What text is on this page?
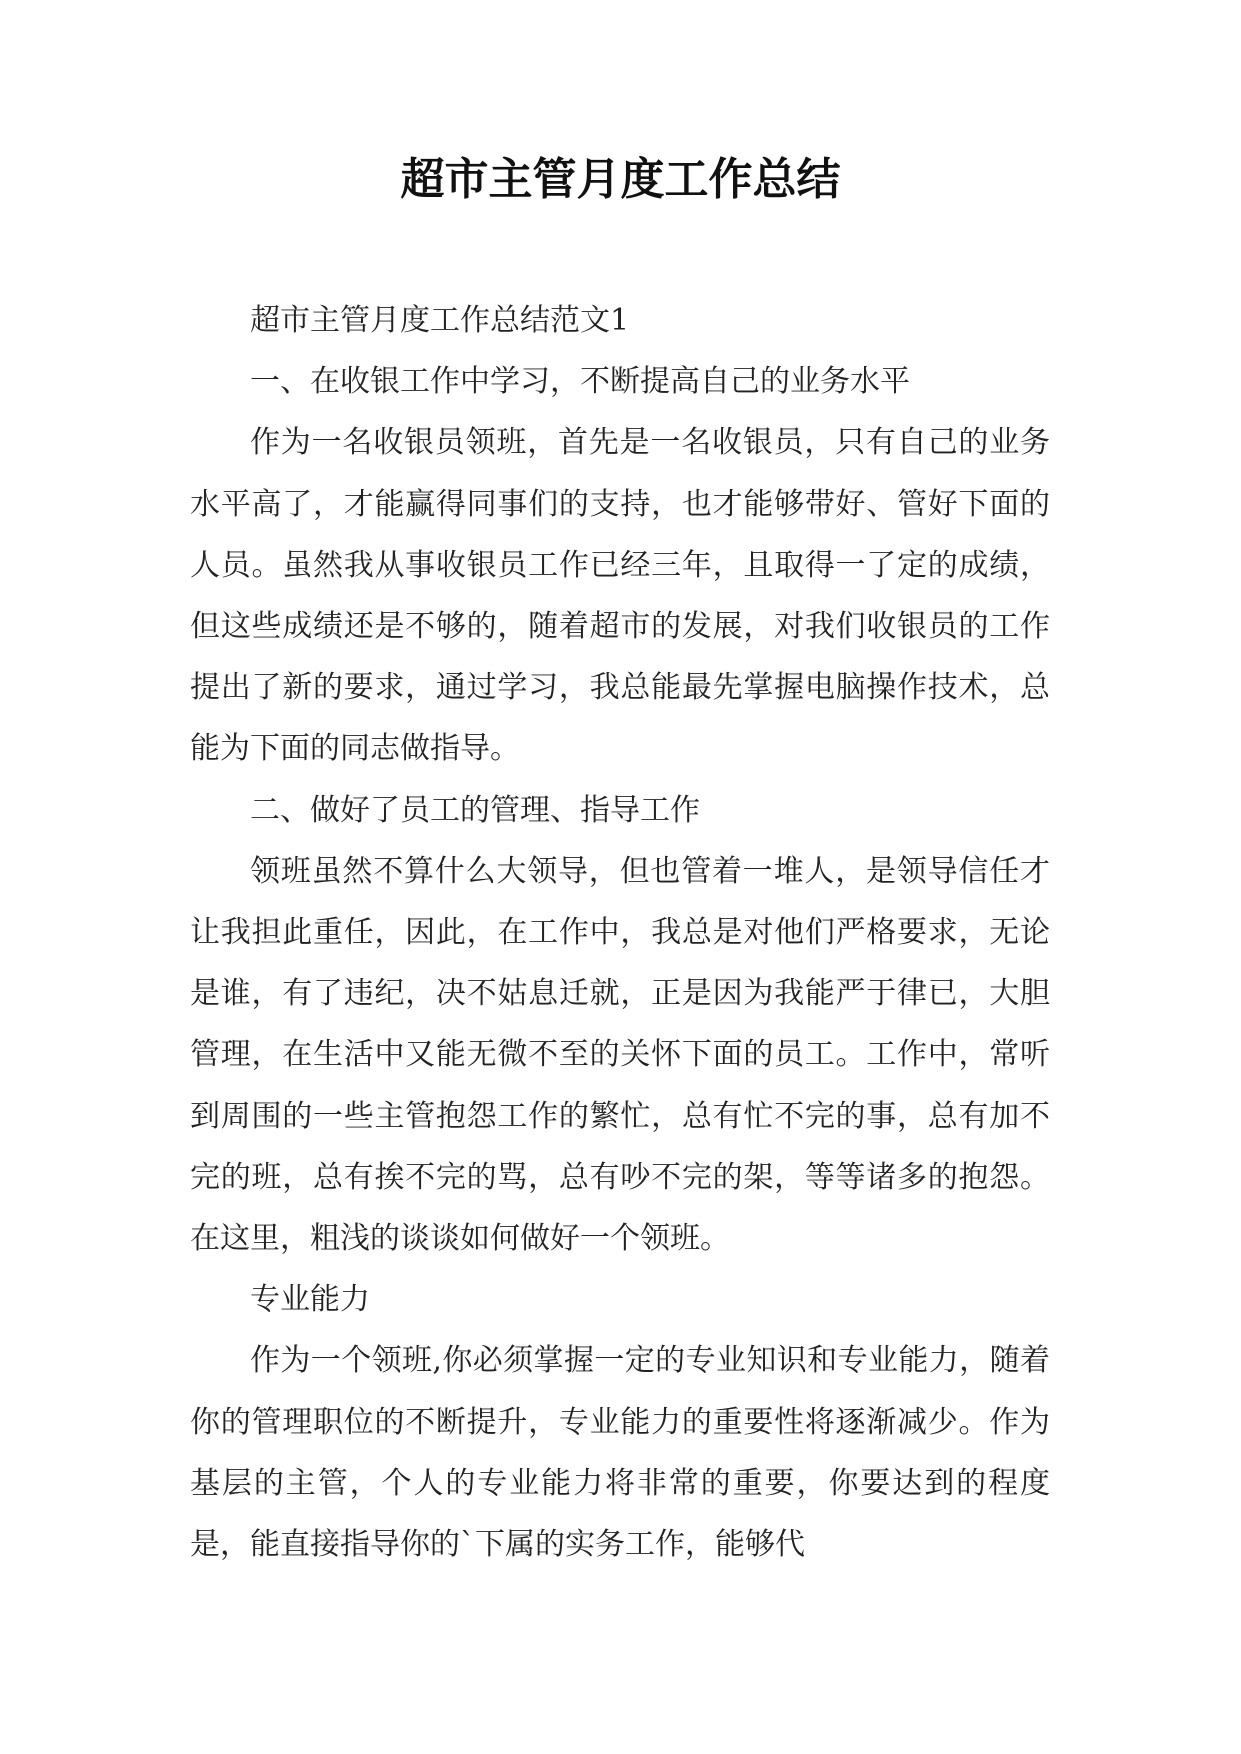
超市主管月度工作总结

超市主管月度工作总结范文1

一、在收银工作中学习，不断提高自己的业务水平

作为一名收银员领班，首先是一名收银员，只有自己的业务水平高了，才能赢得同事们的支持，也才能够带好、管好下面的人员。虽然我从事收银员工作已经三年，且取得一了定的成绩，但这些成绩还是不够的，随着超市的发展，对我们收银员的工作提出了新的要求，通过学习，我总能最先掌握电脑操作技术，总能为下面的同志做指导。

二、做好了员工的管理、指导工作

领班虽然不算什么大领导，但也管着一堆人，是领导信任才让我担此重任，因此，在工作中，我总是对他们严格要求，无论是谁，有了违纪，决不姑息迁就，正是因为我能严于律已，大胆管理，在生活中又能无微不至的关怀下面的员工。工作中，常听到周围的一些主管抱怨工作的繁忙，总有忙不完的事，总有加不完的班，总有挨不完的骂，总有吵不完的架，等等诸多的抱怨。在这里，粗浅的谈谈如何做好一个领班。

专业能力

作为一个领班,你必须掌握一定的专业知识和专业能力，随着你的管理职位的不断提升，专业能力的重要性将逐渐减少。作为基层的主管，个人的专业能力将非常的重要，你要达到的程度是，能直接指导你的`下属的实务工作，能够代
